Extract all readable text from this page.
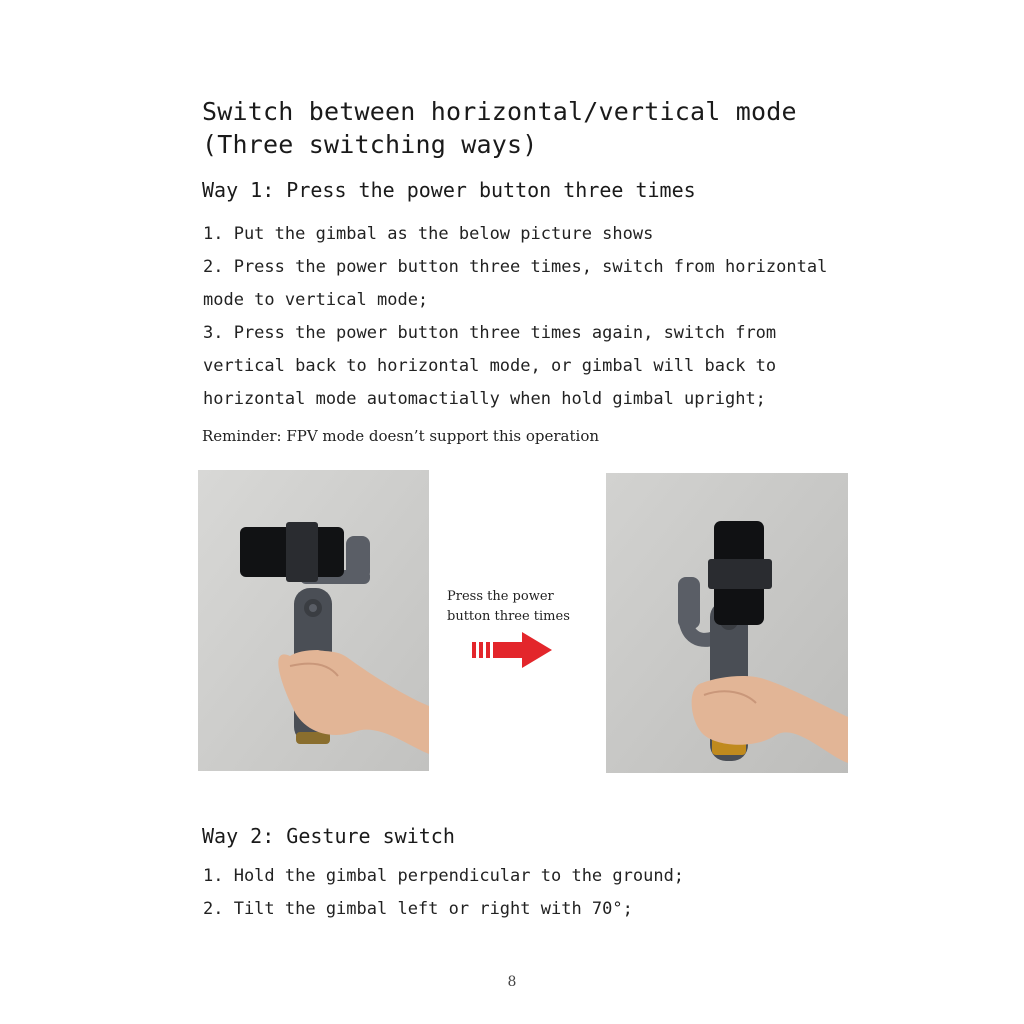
Switch between horizontal/vertical mode
(Three switching ways)
Way 1: Press the power button three times
1. Put the gimbal as the below picture shows
2. Press the power button three times, switch from horizontal
mode to vertical mode;
3. Press the power button three times again, switch from
vertical back to horizontal mode, or gimbal will back to
horizontal mode automactially when hold gimbal upright;
Reminder: FPV mode doesn’t support this operation
Press the power
button three times
Way 2: Gesture switch
1. Hold the gimbal perpendicular to the ground;
2. Tilt the gimbal left or right with 70°;
8
